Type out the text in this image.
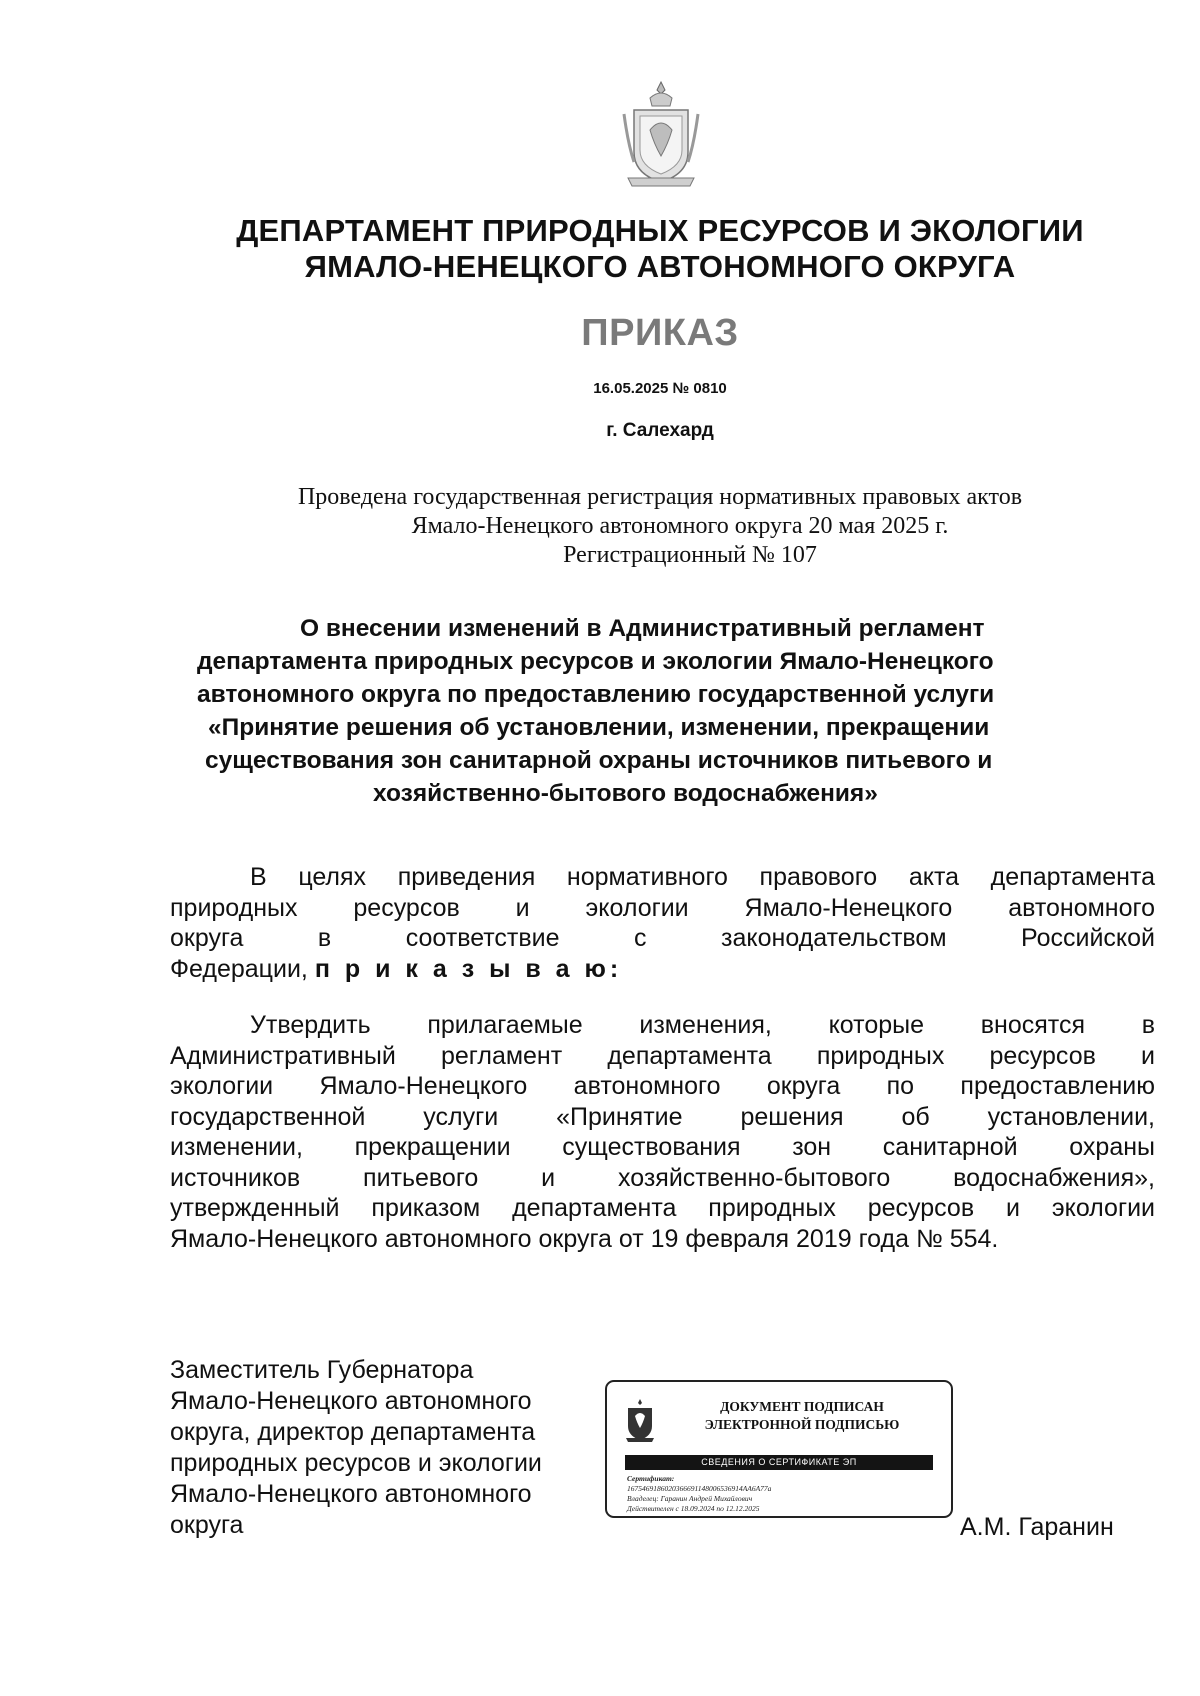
ДЕПАРТАМЕНТ ПРИРОДНЫХ РЕСУРСОВ И ЭКОЛОГИИ
ЯМАЛО-НЕНЕЦКОГО АВТОНОМНОГО ОКРУГА
ПРИКАЗ
16.05.2025 № 0810
г. Салехард
Проведена государственная регистрация нормативных правовых актов
Ямало-Ненецкого автономного округа 20 мая 2025 г.
Регистрационный № 107
О внесении изменений в Административный регламент
департамента природных ресурсов и экологии Ямало-Ненецкого
автономного округа по предоставлению государственной услуги
«Принятие решения об установлении, изменении, прекращении
существования зон санитарной охраны источников питьевого и
хозяйственно-бытового водоснабжения»
В целях приведения нормативного правового акта департамента
природных ресурсов и экологии Ямало-Ненецкого автономного
округа в соответствие с законодательством Российской
Федерации, п р и к а з ы в а ю:
Утвердить прилагаемые изменения, которые вносятся в
Административный регламент департамента природных ресурсов и
экологии Ямало-Ненецкого автономного округа по предоставлению
государственной услуги «Принятие решения об установлении,
изменении, прекращении существования зон санитарной охраны
источников питьевого и хозяйственно-бытового водоснабжения»,
утвержденный приказом департамента природных ресурсов и экологии
Ямало-Ненецкого автономного округа от 19 февраля 2019 года № 554.
Заместитель Губернатора
Ямало-Ненецкого автономного
округа, директор департамента
природных ресурсов и экологии
Ямало-Ненецкого автономного
округа
ДОКУМЕНТ ПОДПИСАН
ЭЛЕКТРОННОЙ ПОДПИСЬЮ
СВЕДЕНИЯ О СЕРТИФИКАТЕ ЭП
Сертификат:
1675469186020366691148006536914AA6A77a
Владелец: Гаранин Андрей Михайлович
Действителен с 18.09.2024 по 12.12.2025
А.М. Гаранин
